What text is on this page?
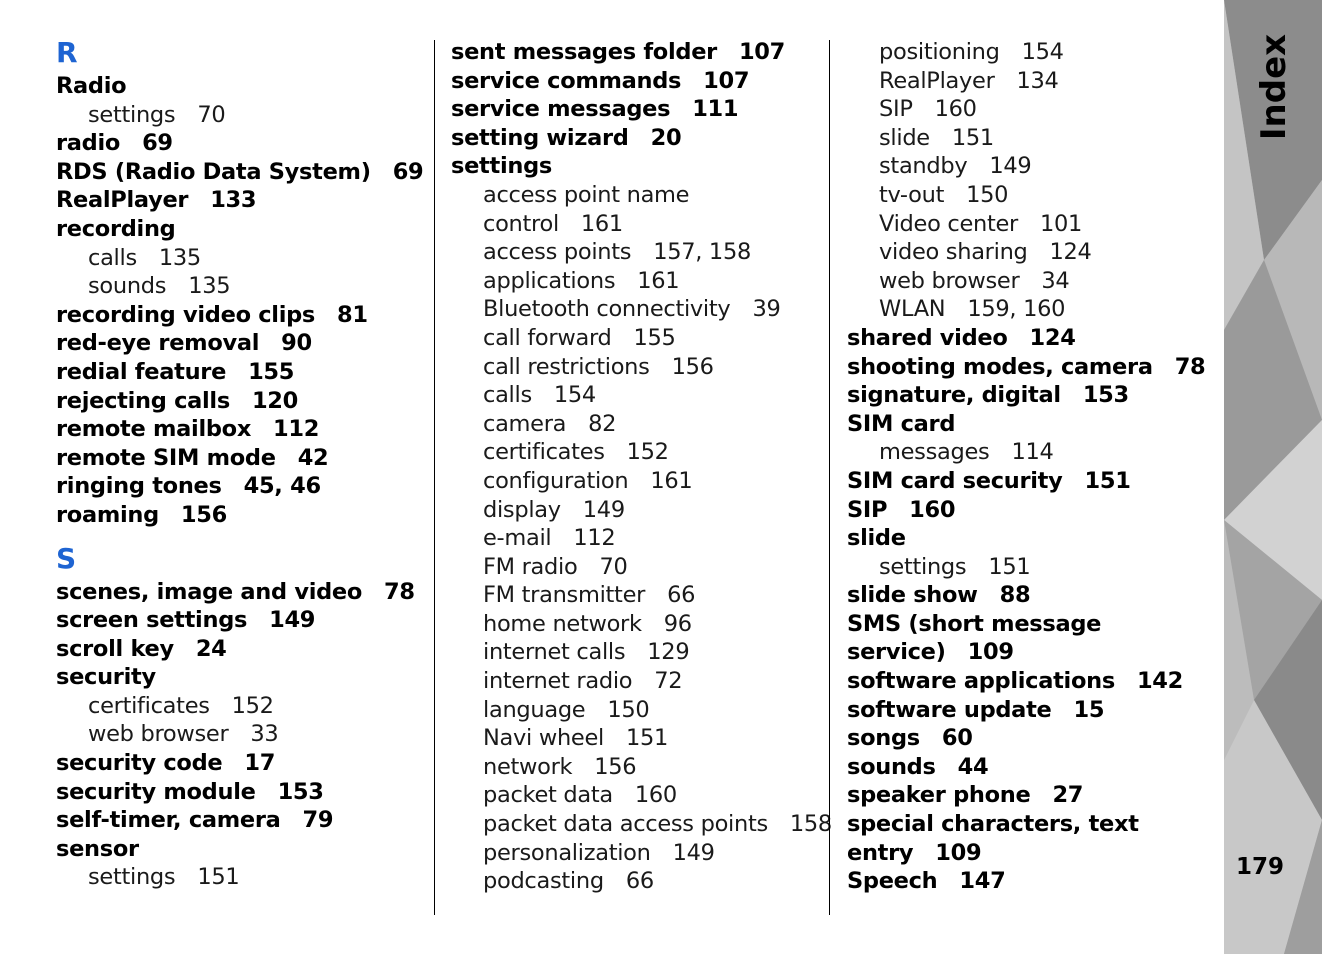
R
Radio
settings 70
radio 69
RDS (Radio Data System) 69
RealPlayer 133
recording
calls 135
sounds 135
recording video clips 81
red-eye removal 90
redial feature 155
rejecting calls 120
remote mailbox 112
remote SIM mode 42
ringing tones 45, 46
roaming 156
S
scenes, image and video 78
screen settings 149
scroll key 24
security
certificates 152
web browser 33
security code 17
security module 153
self-timer, camera 79
sensor
settings 151
sent messages folder 107
service commands 107
service messages 111
setting wizard 20
settings
access point name
control 161
access points 157, 158
applications 161
Bluetooth connectivity 39
call forward 155
call restrictions 156
calls 154
camera 82
certificates 152
configuration 161
display 149
e-mail 112
FM radio 70
FM transmitter 66
home network 96
internet calls 129
internet radio 72
language 150
Navi wheel 151
network 156
packet data 160
packet data access points 158
personalization 149
podcasting 66
positioning 154
RealPlayer 134
SIP 160
slide 151
standby 149
tv-out 150
Video center 101
video sharing 124
web browser 34
WLAN 159, 160
shared video 124
shooting modes, camera 78
signature, digital 153
SIM card
messages 114
SIM card security 151
SIP 160
slide
settings 151
slide show 88
SMS (short message
service) 109
software applications 142
software update 15
songs 60
sounds 44
speaker phone 27
special characters, text
entry 109
Speech 147
Index
179
